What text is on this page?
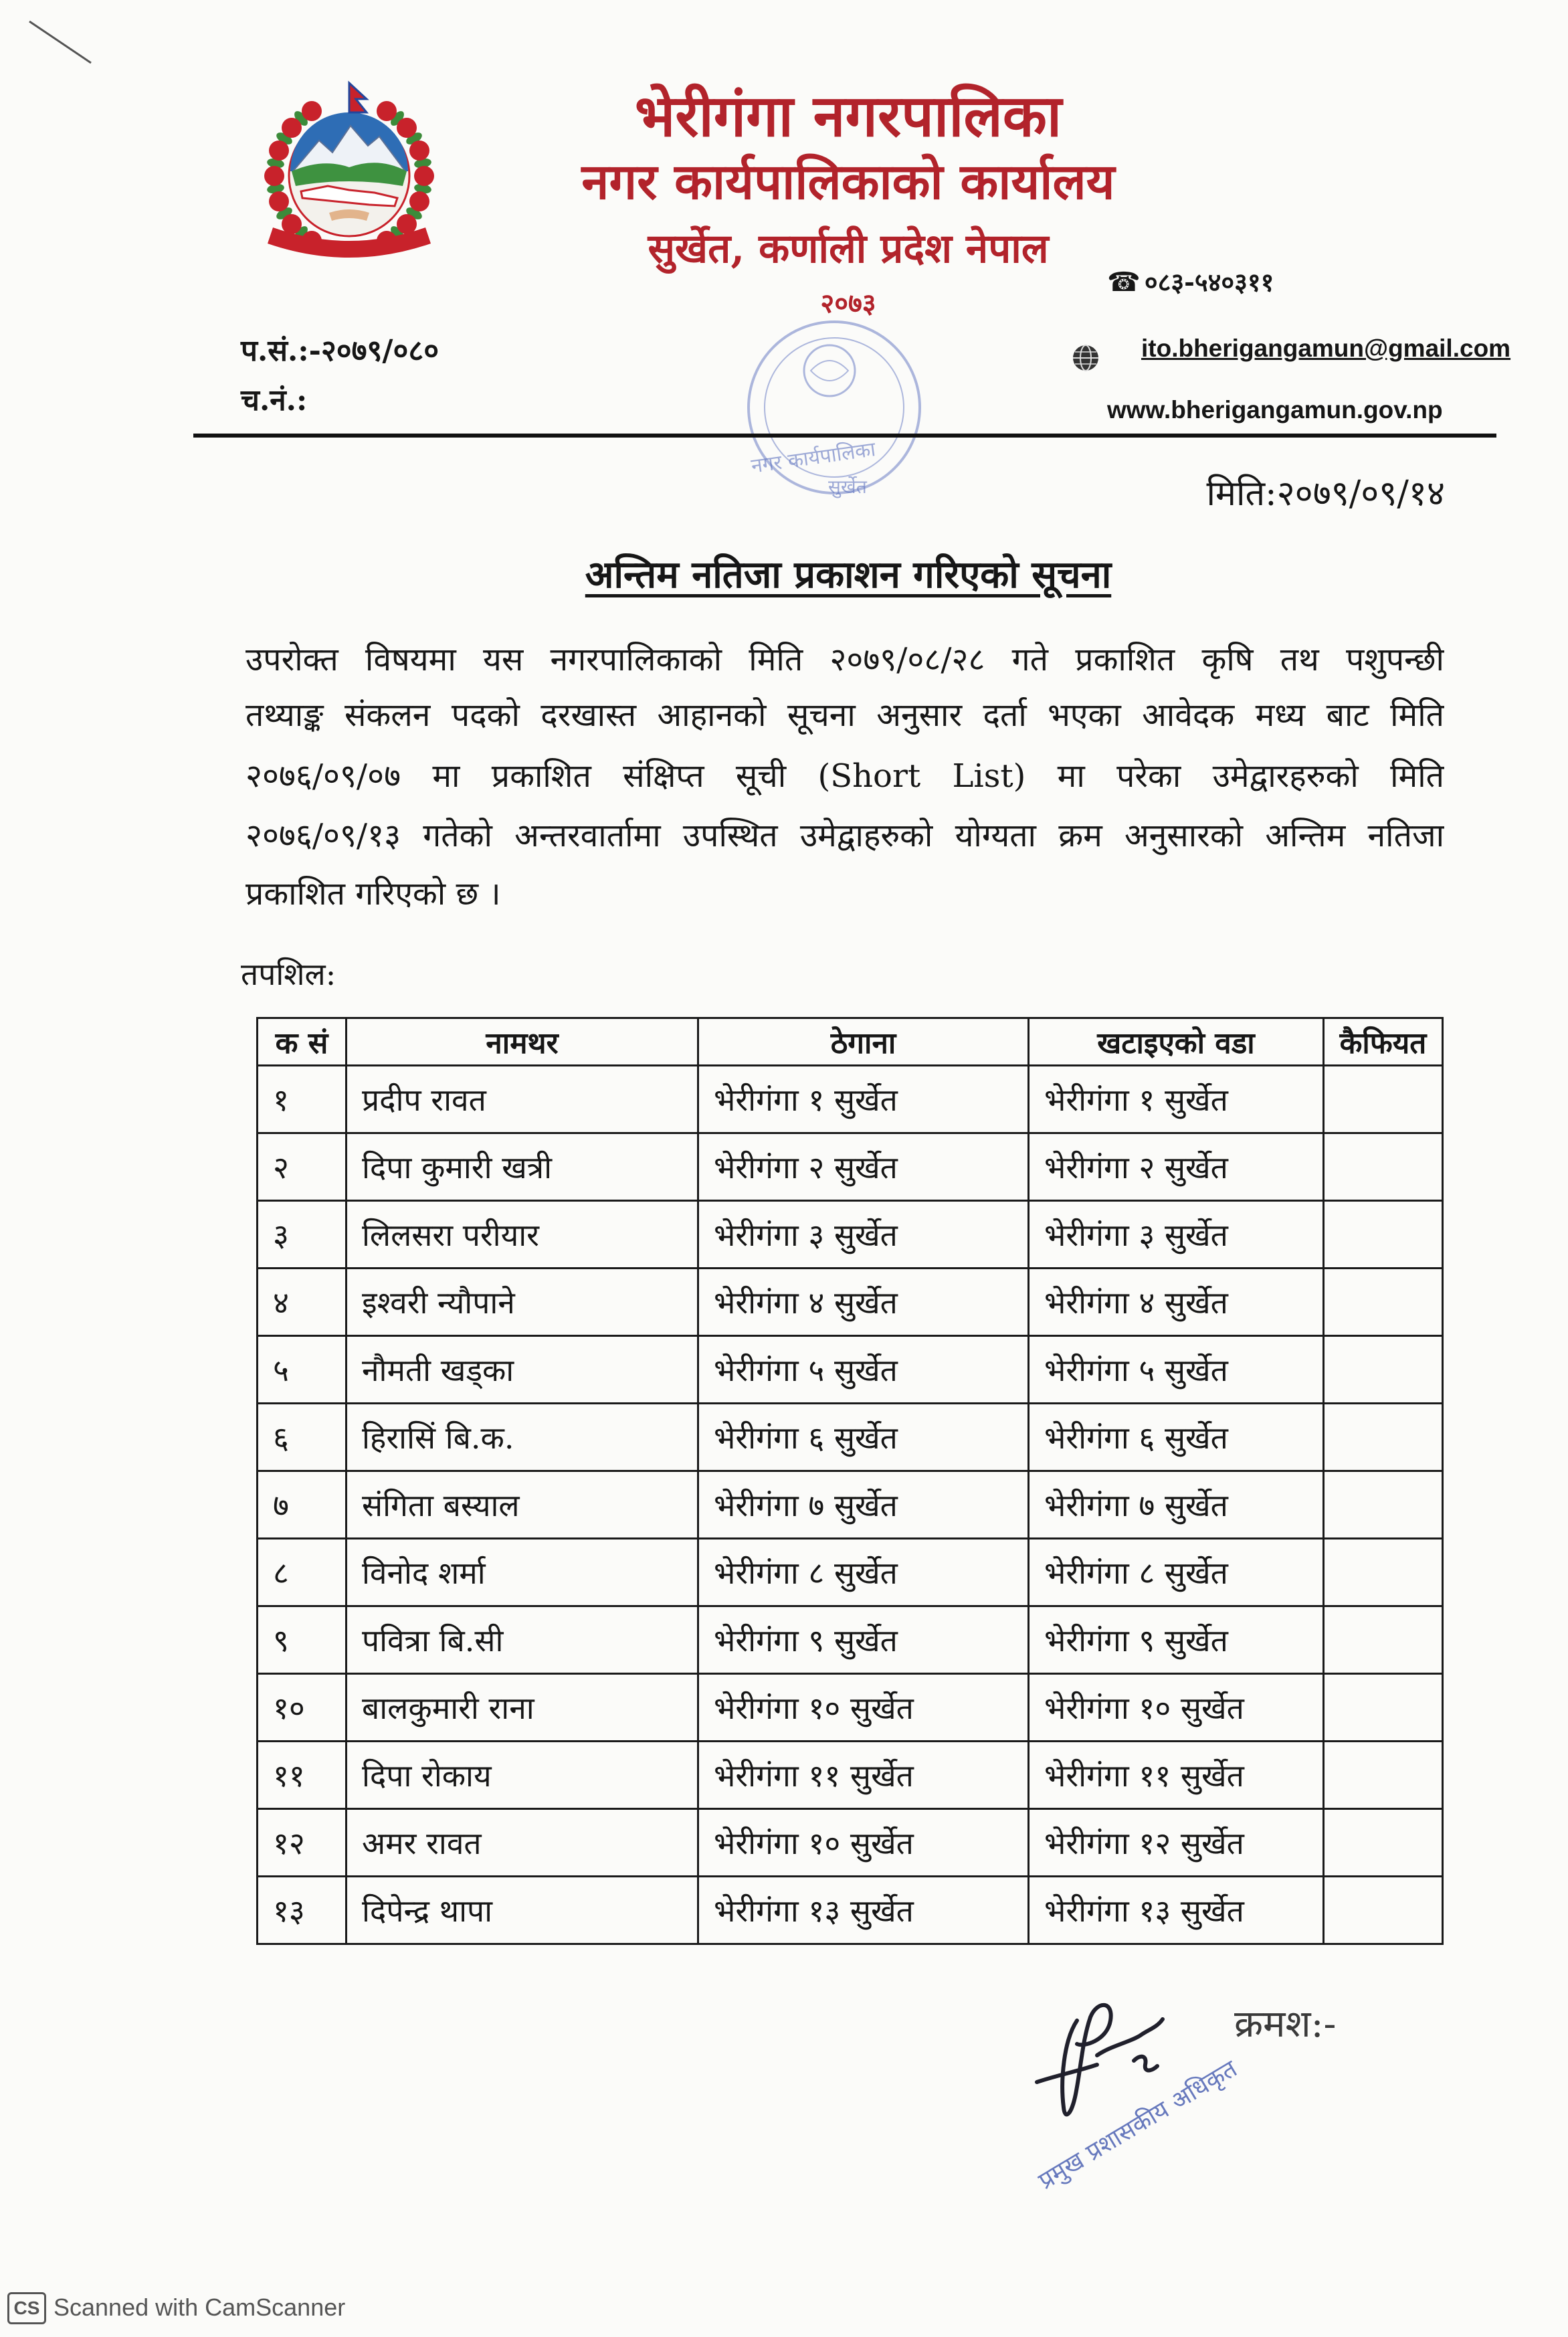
भेरीगंगा नगरपालिका
नगर कार्यपालिकाको कार्यालय
सुर्खेत, कर्णाली प्रदेश नेपाल
२०७३
☎ ०८३-५४०३११
प.सं.:-२०७९/०८०
च.नं.:
ito.bherigangamun@gmail.com
www.bherigangamun.gov.np
नगर कार्यपालिका
सुर्खेत	मिति:२०७९/०९/१४
अन्तिम नतिजा प्रकाशन गरिएको सूचना
उपरोक्त विषयमा यस नगरपालिकाको मिति २०७९/०८/२८ गते प्रकाशित कृषि तथ पशुपन्छी
तथ्याङ्क संकलन पदको दरखास्त आहानको सूचना अनुसार दर्ता भएका आवेदक मध्य बाट मिति
२०७६/०९/०७ मा प्रकाशित संक्षिप्त सूची (Short List) मा परेका उमेद्वारहरुको मिति
२०७६/०९/१३ गतेको अन्तरवार्तामा उपस्थित उमेद्वाहरुको योग्यता क्रम अनुसारको अन्तिम नतिजा
प्रकाशित गरिएको छ ।
तपशिल:
क सं	नामथर	ठेगाना	खटाइएको वडा	कैफियत
१	प्रदीप रावत	भेरीगंगा १ सुर्खेत	भेरीगंगा १ सुर्खेत	
२	दिपा कुमारी खत्री	भेरीगंगा २ सुर्खेत	भेरीगंगा २ सुर्खेत	
३	लिलसरा परीयार	भेरीगंगा ३ सुर्खेत	भेरीगंगा ३ सुर्खेत	
४	इश्वरी न्यौपाने	भेरीगंगा ४ सुर्खेत	भेरीगंगा ४ सुर्खेत	
५	नौमती खड्का	भेरीगंगा ५ सुर्खेत	भेरीगंगा ५ सुर्खेत	
६	हिरासिं बि.क.	भेरीगंगा ६ सुर्खेत	भेरीगंगा ६ सुर्खेत	
७	संगिता बस्याल	भेरीगंगा ७ सुर्खेत	भेरीगंगा ७ सुर्खेत	
८	विनोद शर्मा	भेरीगंगा ८ सुर्खेत	भेरीगंगा ८ सुर्खेत	
९	पवित्रा बि.सी	भेरीगंगा ९ सुर्खेत	भेरीगंगा ९ सुर्खेत	
१०	बालकुमारी राना	भेरीगंगा १० सुर्खेत	भेरीगंगा १० सुर्खेत	
११	दिपा रोकाय	भेरीगंगा ११ सुर्खेत	भेरीगंगा ११ सुर्खेत	
१२	अमर रावत	भेरीगंगा १० सुर्खेत	भेरीगंगा १२ सुर्खेत	
१३	दिपेन्द्र थापा	भेरीगंगा १३ सुर्खेत	भेरीगंगा १३ सुर्खेत	
प्रमुख प्रशासकीय अधिकृत
क्रमश:-
CS Scanned with CamScanner
